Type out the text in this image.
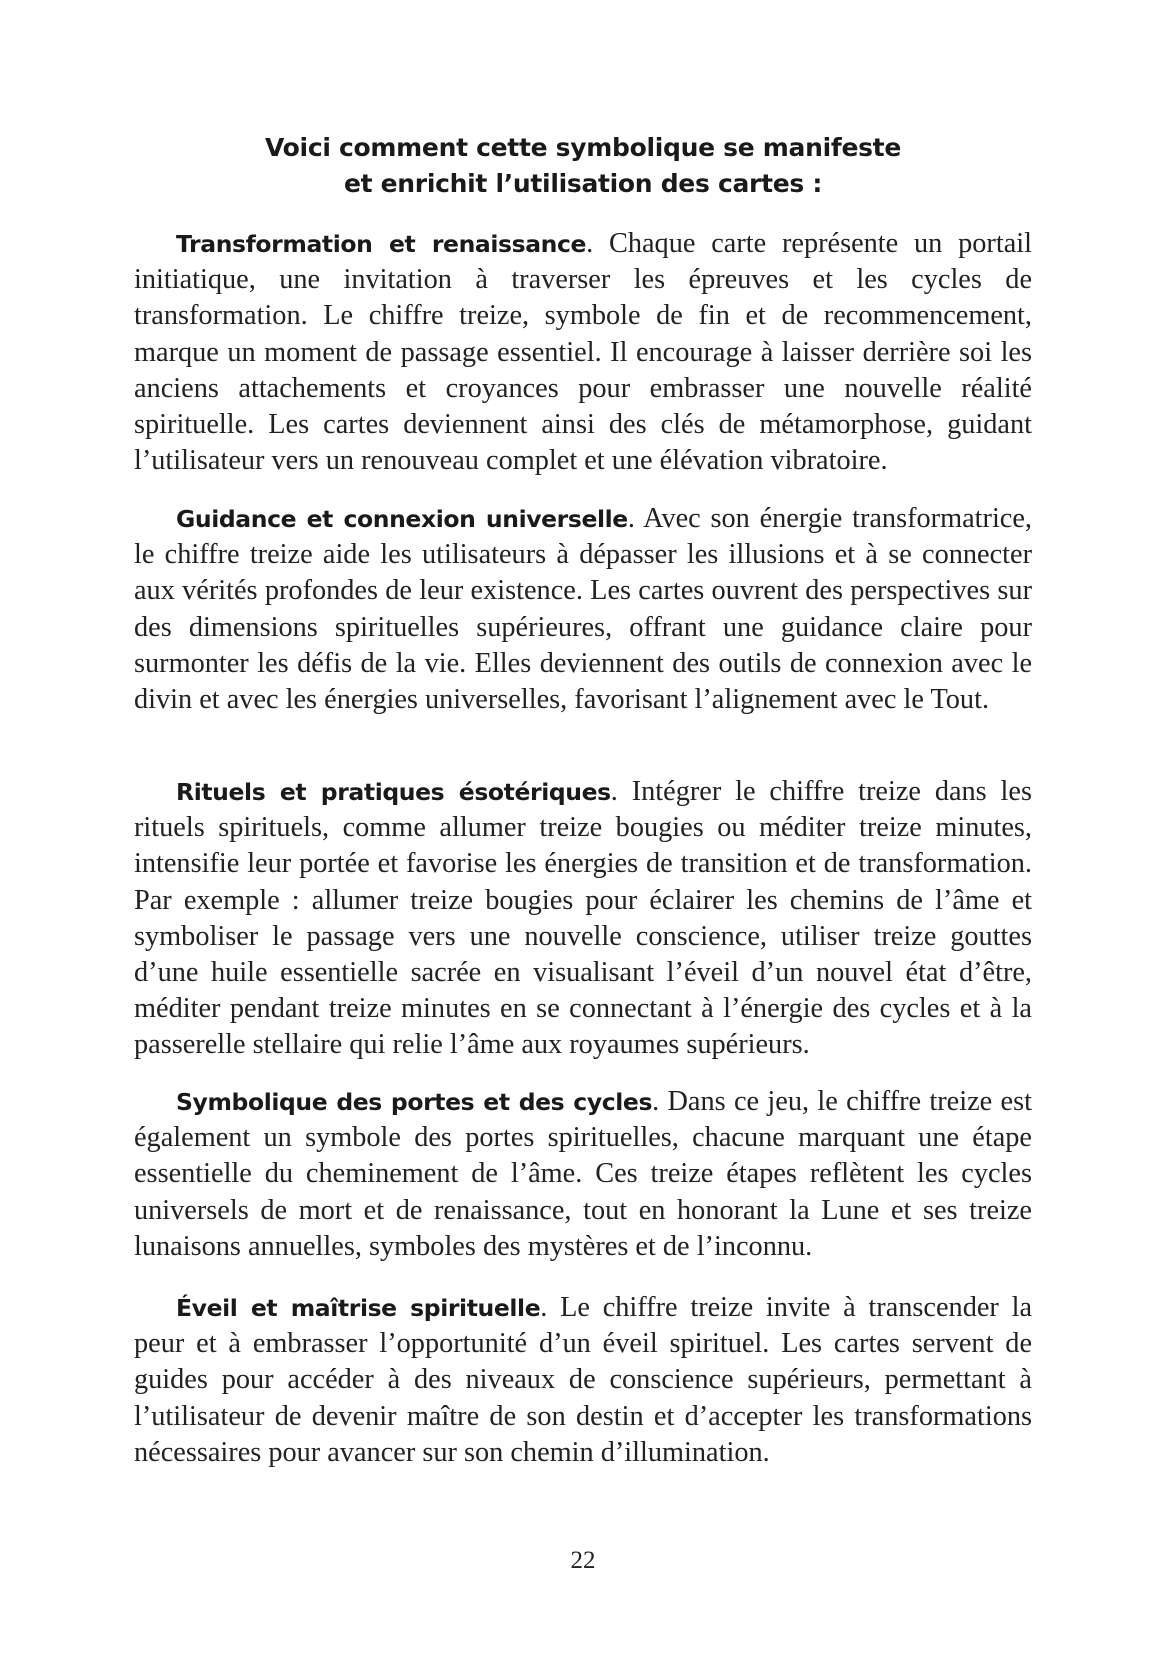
Voici comment cette symbolique se manifeste
et enrichit l’utilisation des cartes :

Transformation et renaissance. Chaque carte représente un portail initiatique, une invitation à traverser les épreuves et les cycles de transformation. Le chiffre treize, symbole de fin et de recommencement, marque un moment de passage essentiel. Il encourage à laisser derrière soi les anciens attachements et croyances pour embrasser une nouvelle réalité spirituelle. Les cartes deviennent ainsi des clés de métamorphose, guidant l’utilisateur vers un renouveau complet et une élévation vibratoire.

Guidance et connexion universelle. Avec son énergie transformatrice, le chiffre treize aide les utilisateurs à dépasser les illusions et à se connecter aux vérités profondes de leur existence. Les cartes ouvrent des perspectives sur des dimensions spirituelles supérieures, offrant une guidance claire pour surmonter les défis de la vie. Elles deviennent des outils de connexion avec le divin et avec les énergies universelles, favorisant l’alignement avec le Tout.

Rituels et pratiques ésotériques. Intégrer le chiffre treize dans les rituels spirituels, comme allumer treize bougies ou méditer treize minutes, intensifie leur portée et favorise les énergies de transition et de transformation. Par exemple : allumer treize bougies pour éclairer les chemins de l’âme et symboliser le passage vers une nouvelle conscience, utiliser treize gouttes d’une huile essentielle sacrée en visualisant l’éveil d’un nouvel état d’être, méditer pendant treize minutes en se connectant à l’énergie des cycles et à la passerelle stellaire qui relie l’âme aux royaumes supérieurs.

Symbolique des portes et des cycles. Dans ce jeu, le chiffre treize est également un symbole des portes spirituelles, chacune marquant une étape essentielle du cheminement de l’âme. Ces treize étapes reflètent les cycles universels de mort et de renaissance, tout en honorant la Lune et ses treize lunaisons annuelles, symboles des mystères et de l’inconnu.

Éveil et maîtrise spirituelle. Le chiffre treize invite à transcender la peur et à embrasser l’opportunité d’un éveil spirituel. Les cartes servent de guides pour accéder à des niveaux de conscience supérieurs, permettant à l’utilisateur de devenir maître de son destin et d’accepter les transformations nécessaires pour avancer sur son chemin d’illumination.

22
